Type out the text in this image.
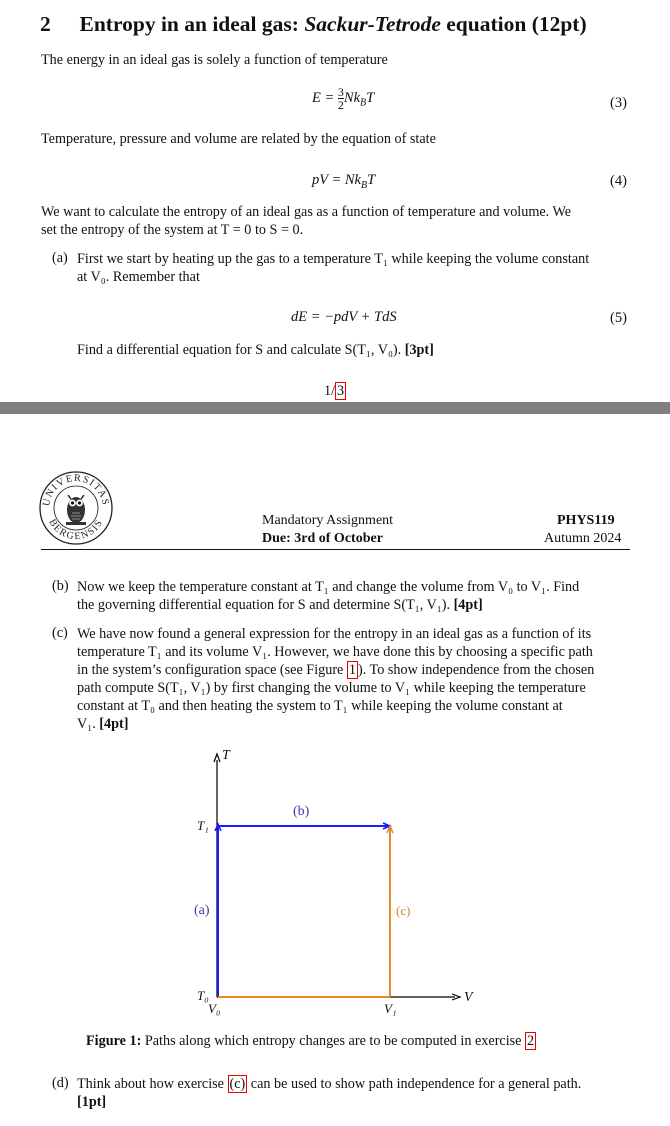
2 Entropy in an ideal gas: Sackur-Tetrode equation (12pt)
The energy in an ideal gas is solely a function of temperature
$E = \frac{3}{2} Nk_BT$	(3)
Temperature, pressure and volume are related by the equation of state
pV = $Nk_BT$	(4)
We want to calculate the entropy of an ideal gas as a function of temperature and volume. We
set the entropy of the system at T = 0 to S = 0.
(a) First we start by heating up the gas to a temperature T₁ while keeping the volume constant
at V₀. Remember that
dE = −pdV + TdS	(5)
Find a differential equation for S and calculate S(T₁, V₀). [3pt]
1/ 3
UNIVERSITAS
BERGENSIS	Mandatory Assignment
Due: 3rd of October
PHYS119
Autumn 2024
(b) Now we keep the temperature constant at T₁ and change the volume from V₀ to V₁. Find
the governing differential equation for S and determine S(T₁, V₁). [4pt]
(c) We have now found a general expression for the entropy in an ideal gas as a function of its
temperature T₁ and its volume V₁. However, we have done this by choosing a specific path
in the system’s configuration space (see Figure 1 ). To show independence from the chosen
path compute S(T₁, V₁) by first changing the volume to V₁ while keeping the temperature
constant at T₀ and then heating the system to T₁ while keeping the volume constant at
V₁. [4pt]
T
V
T₁
T₀
V₀	V₁
(b)
(a)	(c)
Figure 1: Paths along which entropy changes are to be computed in exercise 2
(d) Think about how exercise (c) can be used to show path independence for a general path.
[1pt]
